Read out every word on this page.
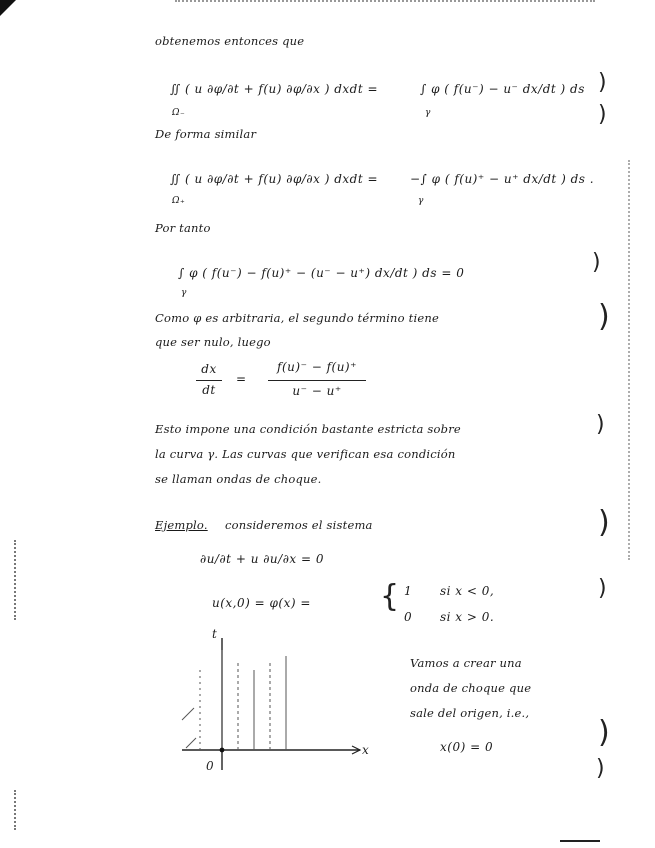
obtenemos entonces que
∬ ( u ∂φ/∂t + f(u) ∂φ/∂x ) dxdt =
Ω₋
∫ φ ( f(u⁻) − u⁻ dx/dt ) ds
γ
De forma similar
∬ ( u ∂φ/∂t + f(u) ∂φ/∂x ) dxdt =
Ω₊
−∫ φ ( f(u)⁺ − u⁺ dx/dt ) ds .
γ
Por tanto
∫ φ ( f(u⁻) − f(u)⁺ − (u⁻ − u⁺) dx/dt ) ds = 0
γ
Como φ es arbitraria, el segundo término tiene
que ser nulo, luego
dx
dt
=
f(u)⁻ − f(u)⁺
u⁻ − u⁺
Esto impone una condición bastante estricta sobre
la curva γ. Las curvas que verifican esa condición
se llaman ondas de choque.
Ejemplo. consideremos el sistema
∂u/∂t + u ∂u/∂x = 0
u(x,0) = φ(x) = { 1 si x < 0,
0 si x > 0.
t
x
0
Vamos a crear una
onda de choque que
sale del origen, i.e.,
x(0) = 0
)
)
)
)
)
)
)
)
)
